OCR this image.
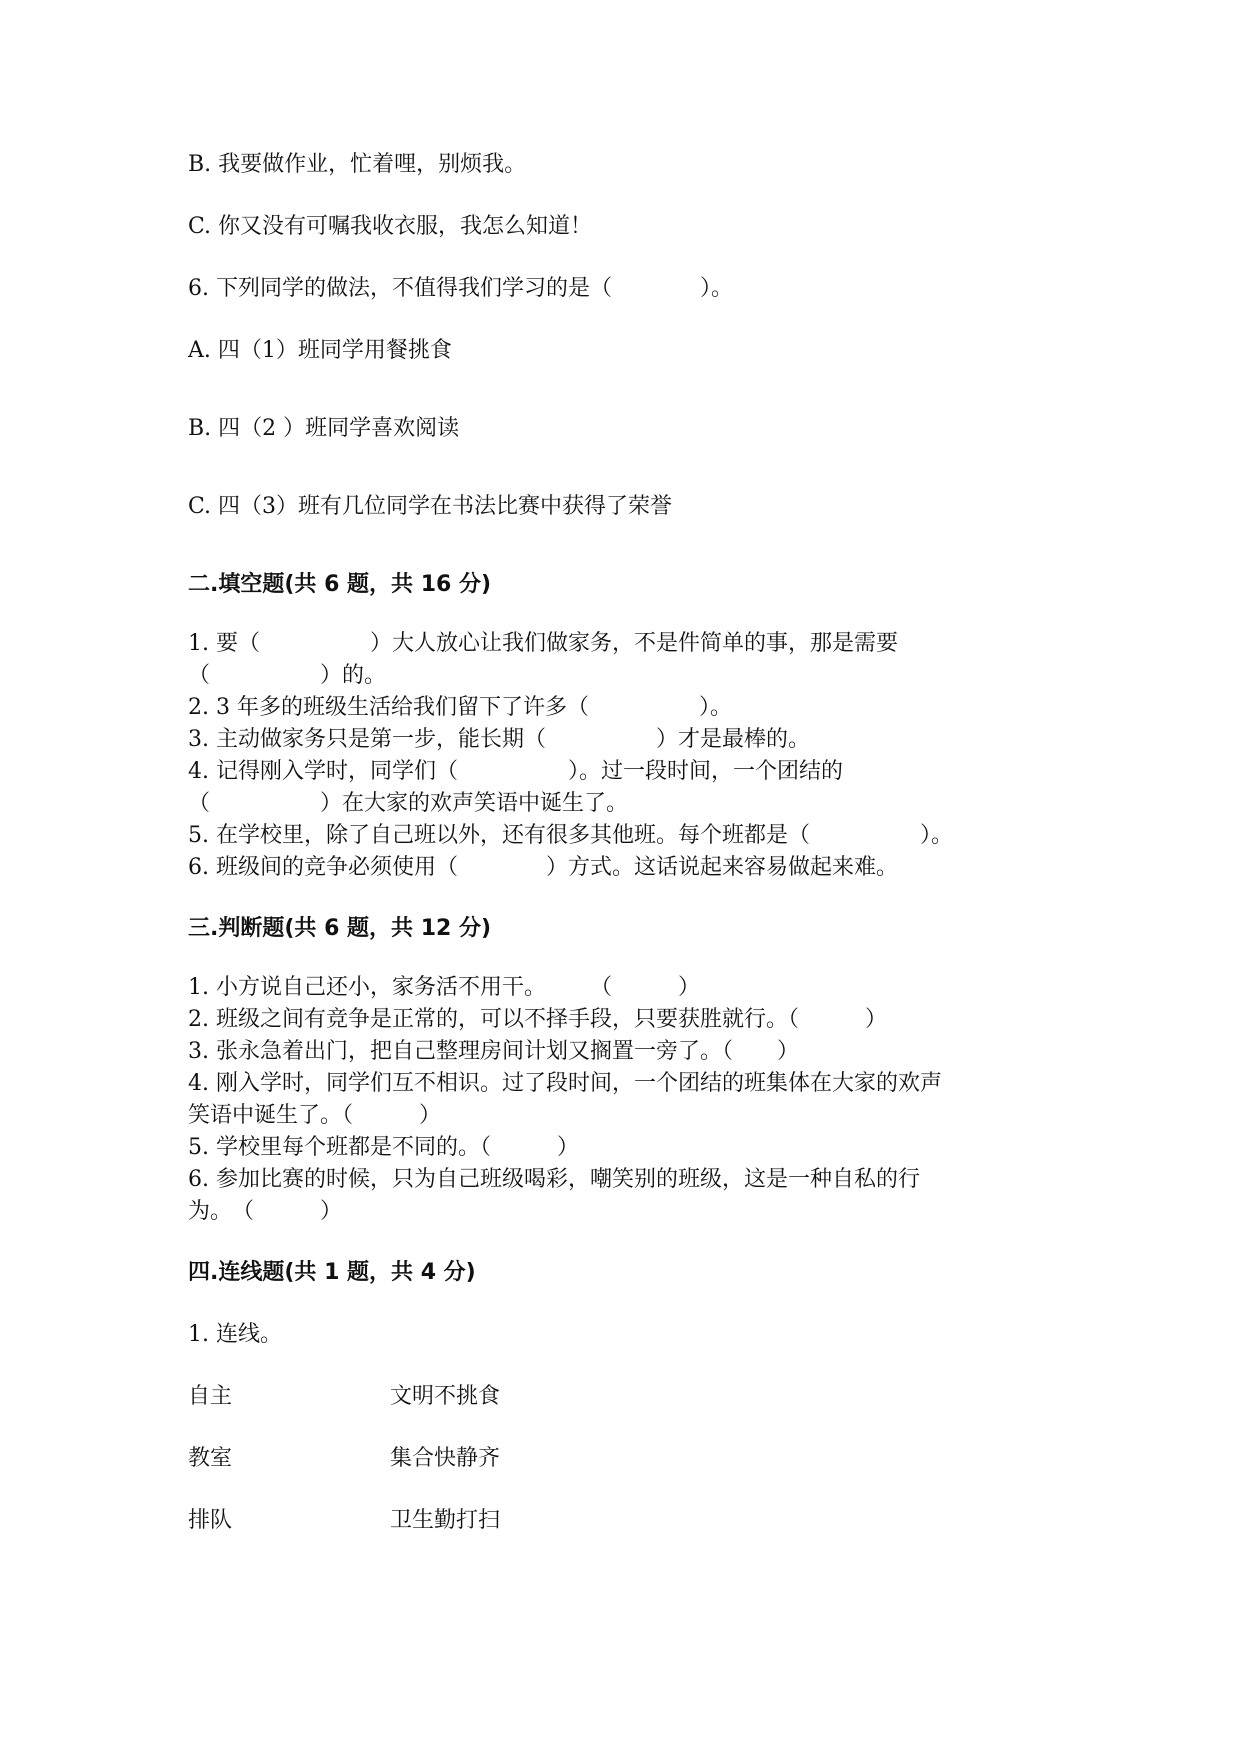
B. 我要做作业，忙着哩，别烦我。
C. 你又没有可嘱我收衣服，我怎么知道！
6. 下列同学的做法，不值得我们学习的是（　　　　）。
A. 四（1）班同学用餐挑食
B. 四（2 ）班同学喜欢阅读
C. 四（3）班有几位同学在书法比赛中获得了荣誉
二.填空题(共 6 题，共 16 分)
1. 要（　　　　　）大人放心让我们做家务，不是件简单的事，那是需要
（　　　　　）的。
2. 3 年多的班级生活给我们留下了许多（　　　　　）。
3. 主动做家务只是第一步，能长期（　　　　　）才是最棒的。
4. 记得刚入学时，同学们（　　　　　）。过一段时间，一个团结的
（　　　　　）在大家的欢声笑语中诞生了。
5. 在学校里，除了自己班以外，还有很多其他班。每个班都是（　　　　　）。
6. 班级间的竞争必须使用（　　　　）方式。这话说起来容易做起来难。
三.判断题(共 6 题，共 12 分)
1. 小方说自己还小，家务活不用干。　　　（　　　）
2. 班级之间有竞争是正常的，可以不择手段，只要获胜就行。（　　　）
3. 张永急着出门，把自己整理房间计划又搁置一旁了。（　　）
4. 刚入学时，同学们互不相识。过了段时间，一个团结的班集体在大家的欢声
笑语中诞生了。（　　　）
5. 学校里每个班都是不同的。（　　　）
6. 参加比赛的时候，只为自己班级喝彩，嘲笑别的班级，这是一种自私的行
为。　（　　　）
四.连线题(共 1 题，共 4 分)
1. 连线。
自主	文明不挑食
教室	集合快静齐
排队	卫生勤打扫
